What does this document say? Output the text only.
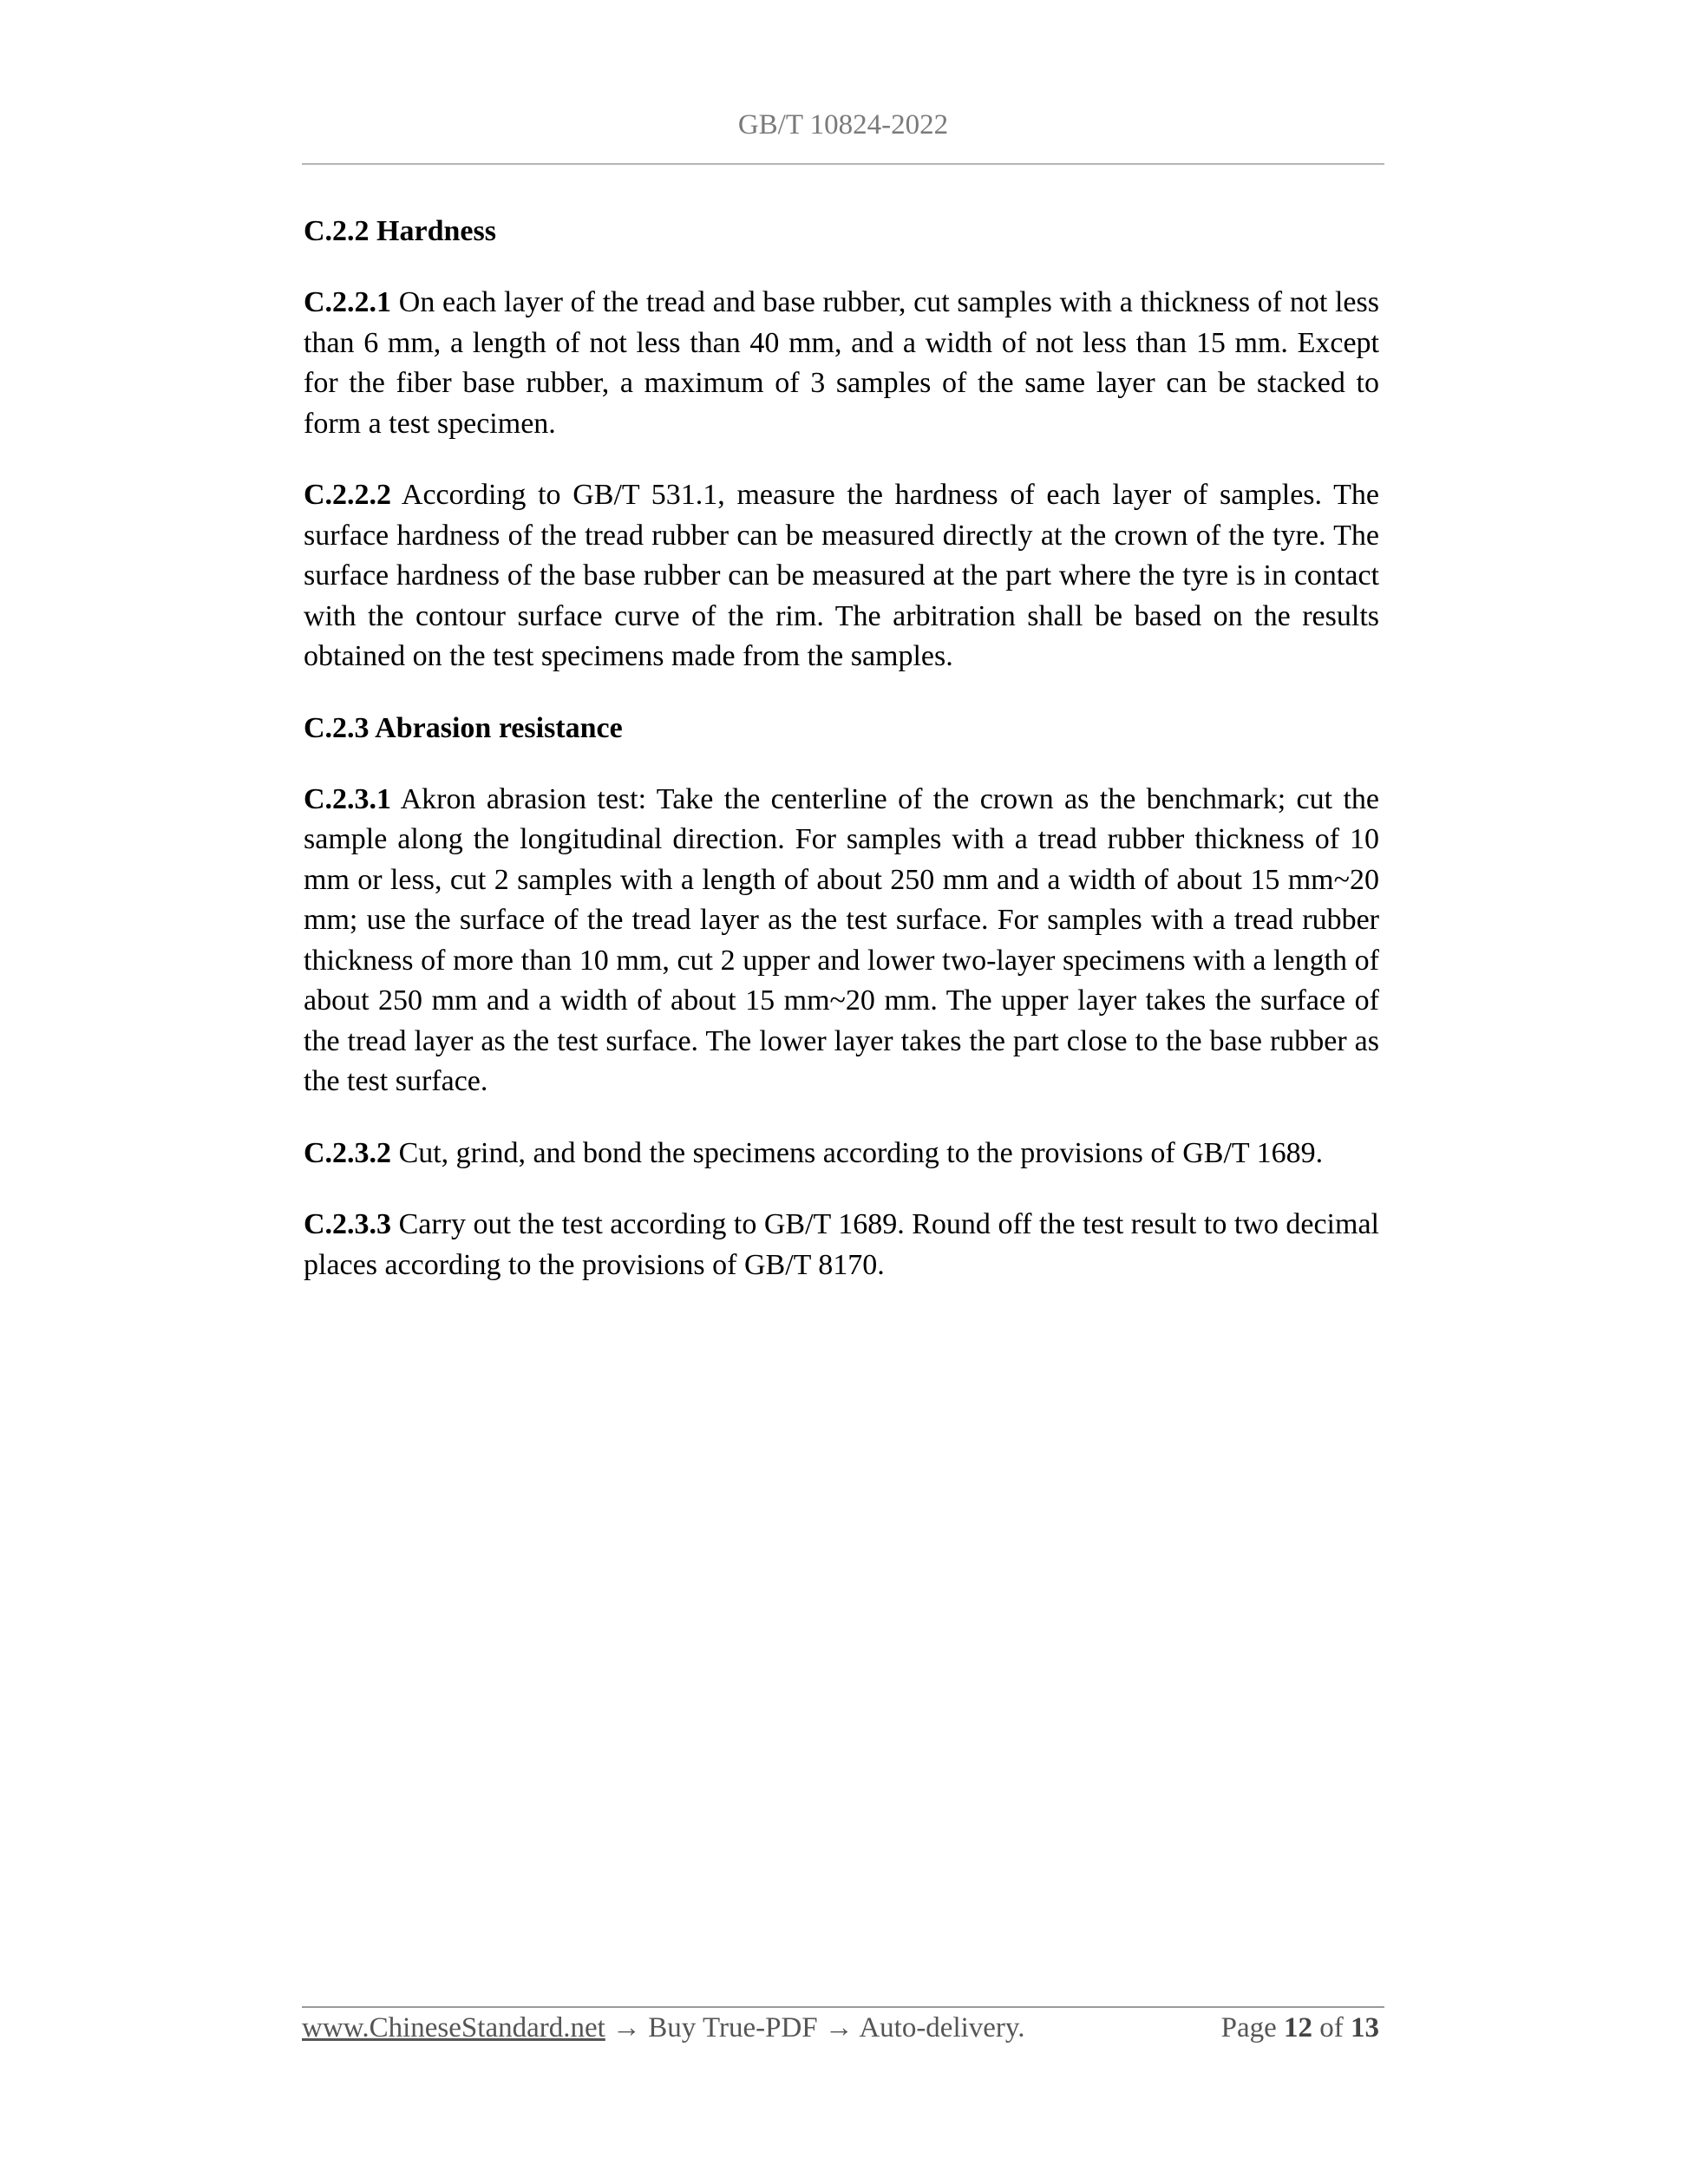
GB/T 10824-2022
C.2.2 Hardness

C.2.2.1 On each layer of the tread and base rubber, cut samples with a thickness of not less than 6 mm, a length of not less than 40 mm, and a width of not less than 15 mm. Except for the fiber base rubber, a maximum of 3 samples of the same layer can be stacked to form a test specimen.

C.2.2.2 According to GB/T 531.1, measure the hardness of each layer of samples. The surface hardness of the tread rubber can be measured directly at the crown of the tyre. The surface hardness of the base rubber can be measured at the part where the tyre is in contact with the contour surface curve of the rim. The arbitration shall be based on the results obtained on the test specimens made from the samples.

C.2.3 Abrasion resistance

C.2.3.1 Akron abrasion test: Take the centerline of the crown as the benchmark; cut the sample along the longitudinal direction. For samples with a tread rubber thickness of 10 mm or less, cut 2 samples with a length of about 250 mm and a width of about 15 mm~20 mm; use the surface of the tread layer as the test surface. For samples with a tread rubber thickness of more than 10 mm, cut 2 upper and lower two-layer specimens with a length of about 250 mm and a width of about 15 mm~20 mm. The upper layer takes the surface of the tread layer as the test surface. The lower layer takes the part close to the base rubber as the test surface.

C.2.3.2 Cut, grind, and bond the specimens according to the provisions of GB/T 1689.

C.2.3.3 Carry out the test according to GB/T 1689. Round off the test result to two decimal places according to the provisions of GB/T 8170.

www.ChineseStandard.net → Buy True-PDF → Auto-delivery.	Page 12 of 13
